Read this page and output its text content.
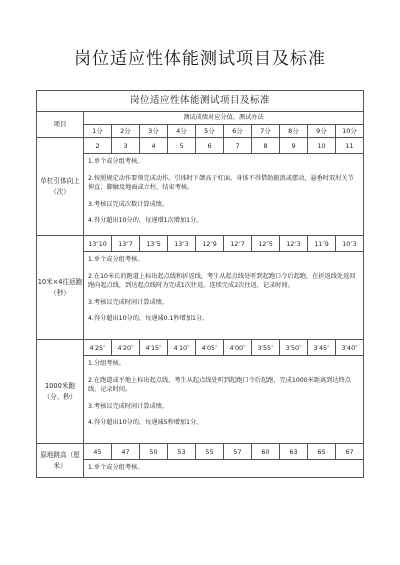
岗位适应性体能测试项目及标准
岗位适应性体能测试项目及标准										
项目	测试成绩对应分值、测试办法									
	1分	2分	3分	4分	5分	6分	7分	8分	9分	10分
单杠引体向上（次）	2	3	4	5	6	7	8	9	10	11

	1.单个或分组考核。

2.按照规定动作要领完成动作。引体时下颌高于杠面、身体不得借助振浪或摆动，悬垂时双肘关节伸直；脚触及地面或立柱，结束考核。

3.考核以完成次数计算成绩。

4.得分超出10分的，每递增1次增加1分。									

10米×4往返跑（秒）	13″10	13″7	13″5	13″3	12″9	12″7	12″5	12″3	11″9	10″3

	1.单个或分组考核。

2.在10米长的跑道上标出起点线和折返线，考生从起点线处听到起跑口令后起跑，在折返线处返回跑向起点线，到达起点线时为完成1次往返。连续完成2次往返，记录时间。

3.考核以完成时间计算成绩。

4.得分超出10分的，每递减0.1秒增加1分。									

1000米跑（分、秒）	4′25″	4′20″	4′15″	4′10″	4′05″	4′00″	3′55″	3′50″	3′45″	3′40″

	1.分组考核。

2.在跑道或平地上标出起点线，考生从起点线处听到起跑口令后起跑，完成1000米距离到达终点线，记录时间。

3.考核以完成时间计算成绩。

4.得分超出10分的，每递减5秒增加1分。									

原地跳高（厘米）	45	47	50	53	55	57	60	63	65	67

	1.单个或分组考核。									
